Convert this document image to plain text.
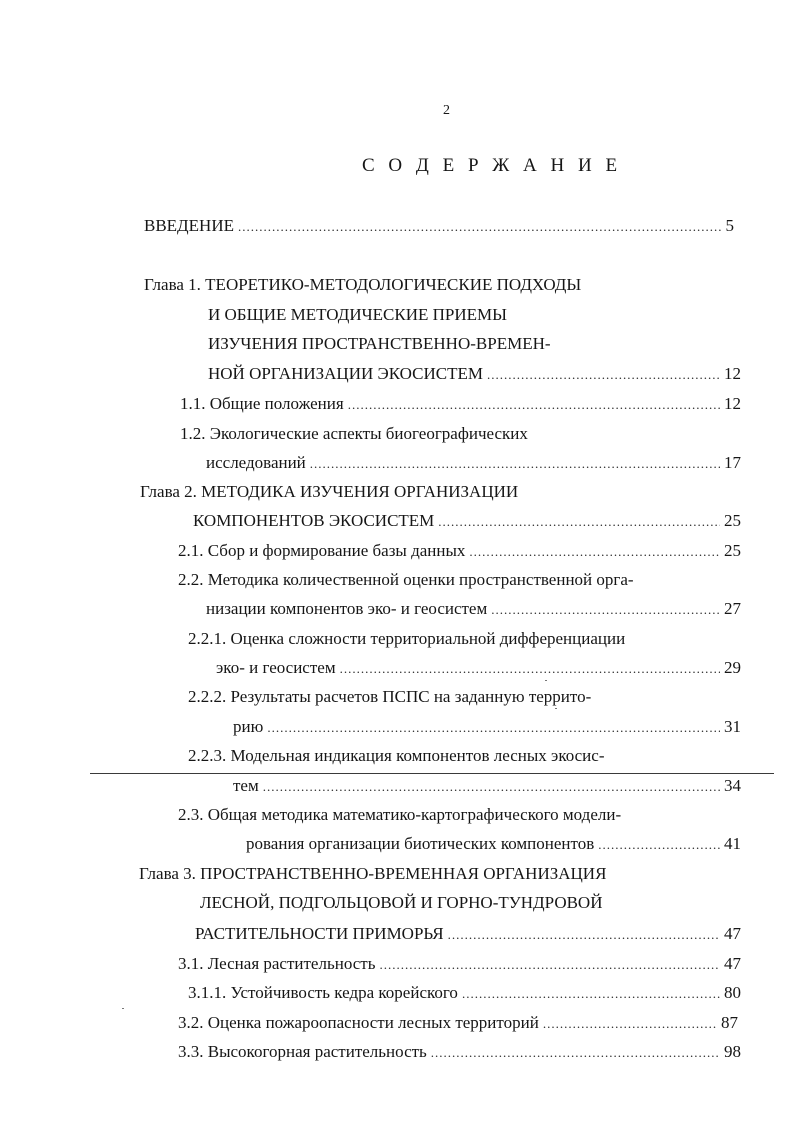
2
С О Д Е Р Ж А Н И Е
ВВЕДЕНИЕ .....	5
Глава 1. ТЕОРЕТИКО-МЕТОДОЛОГИЧЕСКИЕ ПОДХОДЫ
И ОБЩИЕ МЕТОДИЧЕСКИЕ ПРИЕМЫ
ИЗУЧЕНИЯ ПРОСТРАНСТВЕННО-ВРЕМЕН-
НОЙ ОРГАНИЗАЦИИ ЭКОСИСТЕМ .....	12
1.1. Общие положения .....	12
1.2. Экологические аспекты биогеографических
исследований .....	17
Глава 2. МЕТОДИКА ИЗУЧЕНИЯ ОРГАНИЗАЦИИ
КОМПОНЕНТОВ ЭКОСИСТЕМ .....	25
2.1. Сбор и формирование базы данных .....	25
2.2. Методика количественной оценки пространственной орга-
низации компонентов эко- и геосистем .....	27
2.2.1. Оценка сложности территориальной дифференциации
эко- и геосистем .....	29
2.2.2. Результаты расчетов ПСПС на заданную террито-
рию .....	31
2.2.3. Модельная индикация компонентов лесных экосис-
тем .....	34
2.3. Общая методика математико-картографического модели-
рования организации биотических компонентов .....	41
Глава 3. ПРОСТРАНСТВЕННО-ВРЕМЕННАЯ ОРГАНИЗАЦИЯ
ЛЕСНОЙ, ПОДГОЛЬЦОВОЙ И ГОРНО-ТУНДРОВОЙ
РАСТИТЕЛЬНОСТИ ПРИМОРЬЯ .....	47
3.1. Лесная растительность .....	47
3.1.1. Устойчивость кедра корейского .....	80
3.2. Оценка пожароопасности лесных территорий .....	87
3.3. Высокогорная растительность .....	98
